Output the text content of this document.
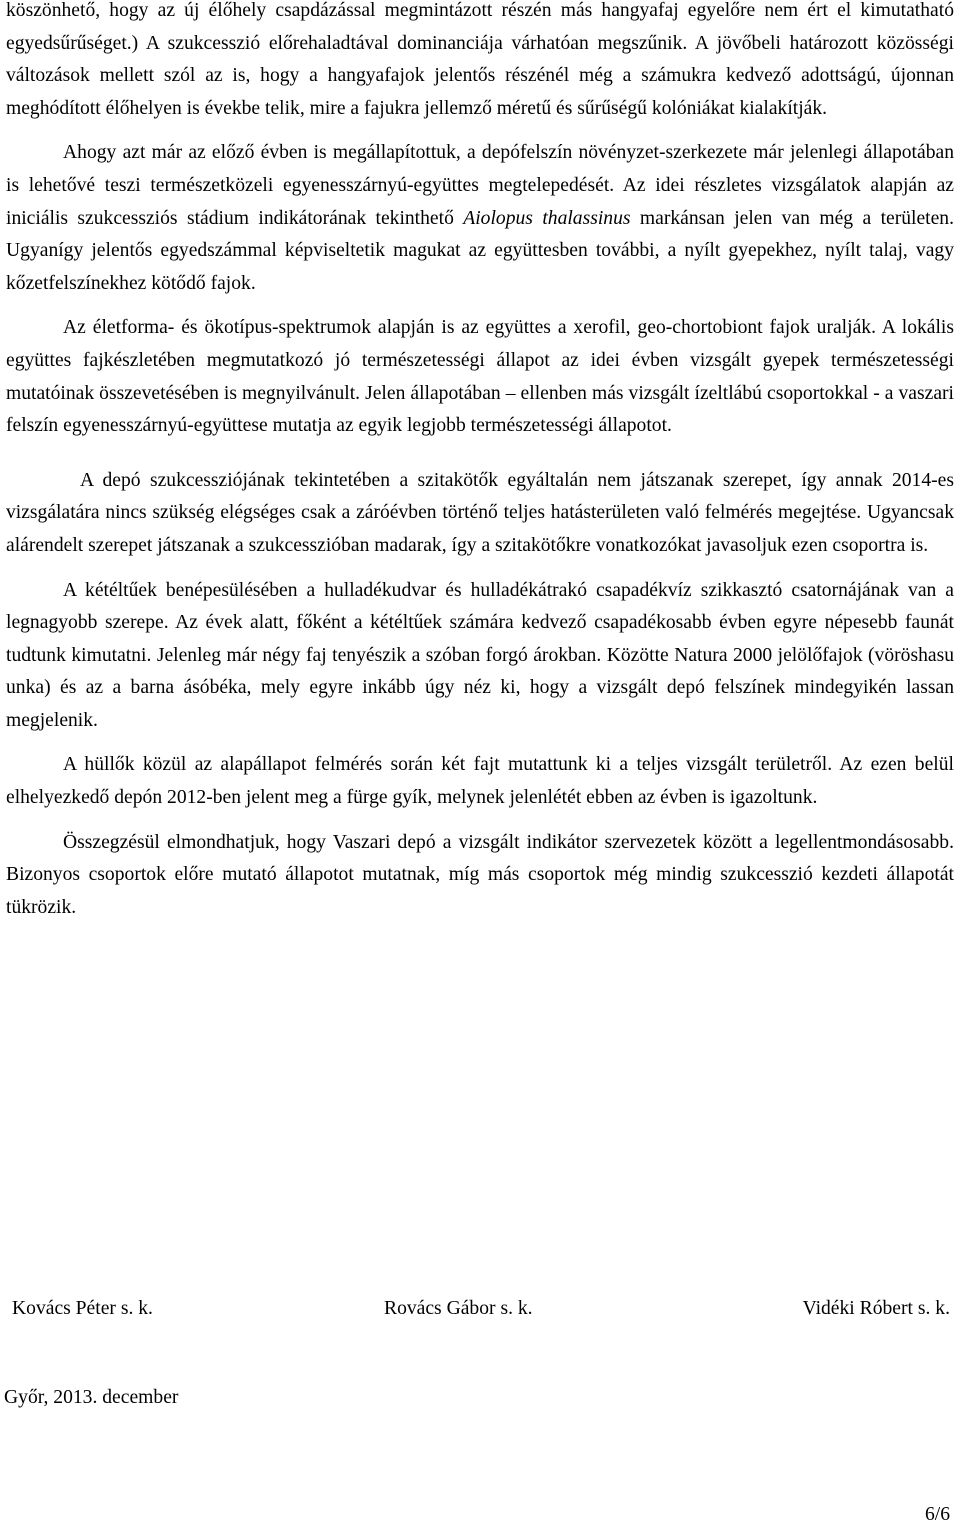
köszönhető, hogy az új élőhely csapdázással megmintázott részén más hangyafaj egyelőre nem ért el kimutatható egyedsűrűséget.) A szukcesszió előrehaladtával dominanciája várhatóan megszűnik. A jövőbeli határozott közösségi változások mellett szól az is, hogy a hangyafajok jelentős részénél még a számukra kedvező adottságú, újonnan meghódított élőhelyen is évekbe telik, mire a fajukra jellemző méretű és sűrűségű kolóniákat kialakítják.

Ahogy azt már az előző évben is megállapítottuk, a depófelszín növényzet-szerkezete már jelenlegi állapotában is lehetővé teszi természetközeli egyenesszárnyú-együttes megtelepedését. Az idei részletes vizsgálatok alapján az iniciális szukcessziós stádium indikátorának tekinthető Aiolopus thalassinus markánsan jelen van még a területen. Ugyanígy jelentős egyedszámmal képviseltetik magukat az együttesben további, a nyílt gyepekhez, nyílt talaj, vagy kőzetfelszínekhez kötődő fajok.

Az életforma- és ökotípus-spektrumok alapján is az együttes a xerofil, geo-chortobiont fajok uralják. A lokális együttes fajkészletében megmutatkozó jó természetességi állapot az idei évben vizsgált gyepek természetességi mutatóinak összevetésében is megnyilvánult. Jelen állapotában – ellenben más vizsgált ízeltlábú csoportokkal - a vaszari felszín egyenesszárnyú-együttese mutatja az egyik legjobb természetességi állapotot.

A depó szukcessziójának tekintetében a szitakötők egyáltalán nem játszanak szerepet, így annak 2014-es vizsgálatára nincs szükség elégséges csak a záróévben történő teljes hatásterületen való felmérés megejtése. Ugyancsak alárendelt szerepet játszanak a szukcesszióban madarak, így a szitakötőkre vonatkozókat javasoljuk ezen csoportra is.

A kétéltűek benépesülésében a hulladékudvar és hulladékátrakó csapadékvíz szikkasztó csatornájának van a legnagyobb szerepe. Az évek alatt, főként a kétéltűek számára kedvező csapadékosabb évben egyre népesebb faunát tudtunk kimutatni. Jelenleg már négy faj tenyészik a szóban forgó árokban. Közötte Natura 2000 jelölőfajok (vöröshasu unka) és az a barna ásóbéka, mely egyre inkább úgy néz ki, hogy a vizsgált depó felszínek mindegyikén lassan megjelenik.

A hüllők közül az alapállapot felmérés során két fajt mutattunk ki a teljes vizsgált területről. Az ezen belül elhelyezkedő depón 2012-ben jelent meg a fürge gyík, melynek jelenlétét ebben az évben is igazoltunk.

Összegzésül elmondhatjuk, hogy Vaszari depó a vizsgált indikátor szervezetek között a legellentmondásosabb. Bizonyos csoportok előre mutató állapotot mutatnak, míg más csoportok még mindig szukcesszió kezdeti állapotát tükrözik.

Kovács Péter s. k.	Rovács Gábor s. k.	Vidéki Róbert s. k.
Győr, 2013. december
6/6
